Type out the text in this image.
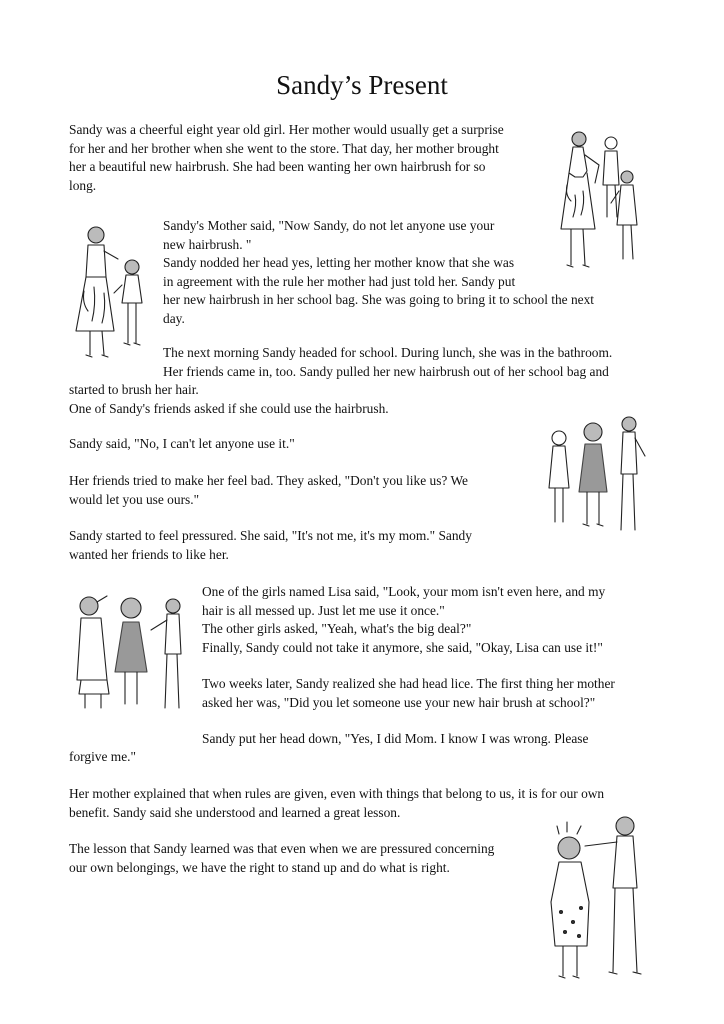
Sandy’s Present
Sandy was a cheerful eight year old girl. Her mother would usually get a surprise
for her and her brother when she went to the store. That day, her mother brought
her a beautiful new hairbrush. She had been wanting her own hairbrush for so
long.
Sandy's Mother said, "Now Sandy, do not let anyone use your
new hairbrush. "
Sandy nodded her head yes, letting her mother know that she was
in agreement with the rule her mother had just told her. Sandy put
her new hairbrush in her school bag. She was going to bring it to school the next
day.
The next morning Sandy headed for school. During lunch, she was in the bathroom.
Her friends came in, too. Sandy pulled her new hairbrush out of her school bag and
started to brush her hair.
One of Sandy's friends asked if she could use the hairbrush.
Sandy said, "No, I can't let anyone use it."
Her friends tried to make her feel bad. They asked, "Don't you like us? We
would let you use ours."
Sandy started to feel pressured. She said, "It's not me, it's my mom." Sandy
wanted her friends to like her.
One of the girls named Lisa said, "Look, your mom isn't even here, and my
hair is all messed up. Just let me use it once."
The other girls asked, "Yeah, what's the big deal?"
Finally, Sandy could not take it anymore, she said, "Okay, Lisa can use it!"
Two weeks later, Sandy realized she had head lice. The first thing her mother
asked her was, "Did you let someone use your new hair brush at school?"
Sandy put her head down, "Yes, I did Mom. I know I was wrong. Please
forgive me."
Her mother explained that when rules are given, even with things that belong to us, it is for our own
benefit. Sandy said she understood and learned a great lesson.
The lesson that Sandy learned was that even when we are pressured concerning
our own belongings, we have the right to stand up and do what is right.
